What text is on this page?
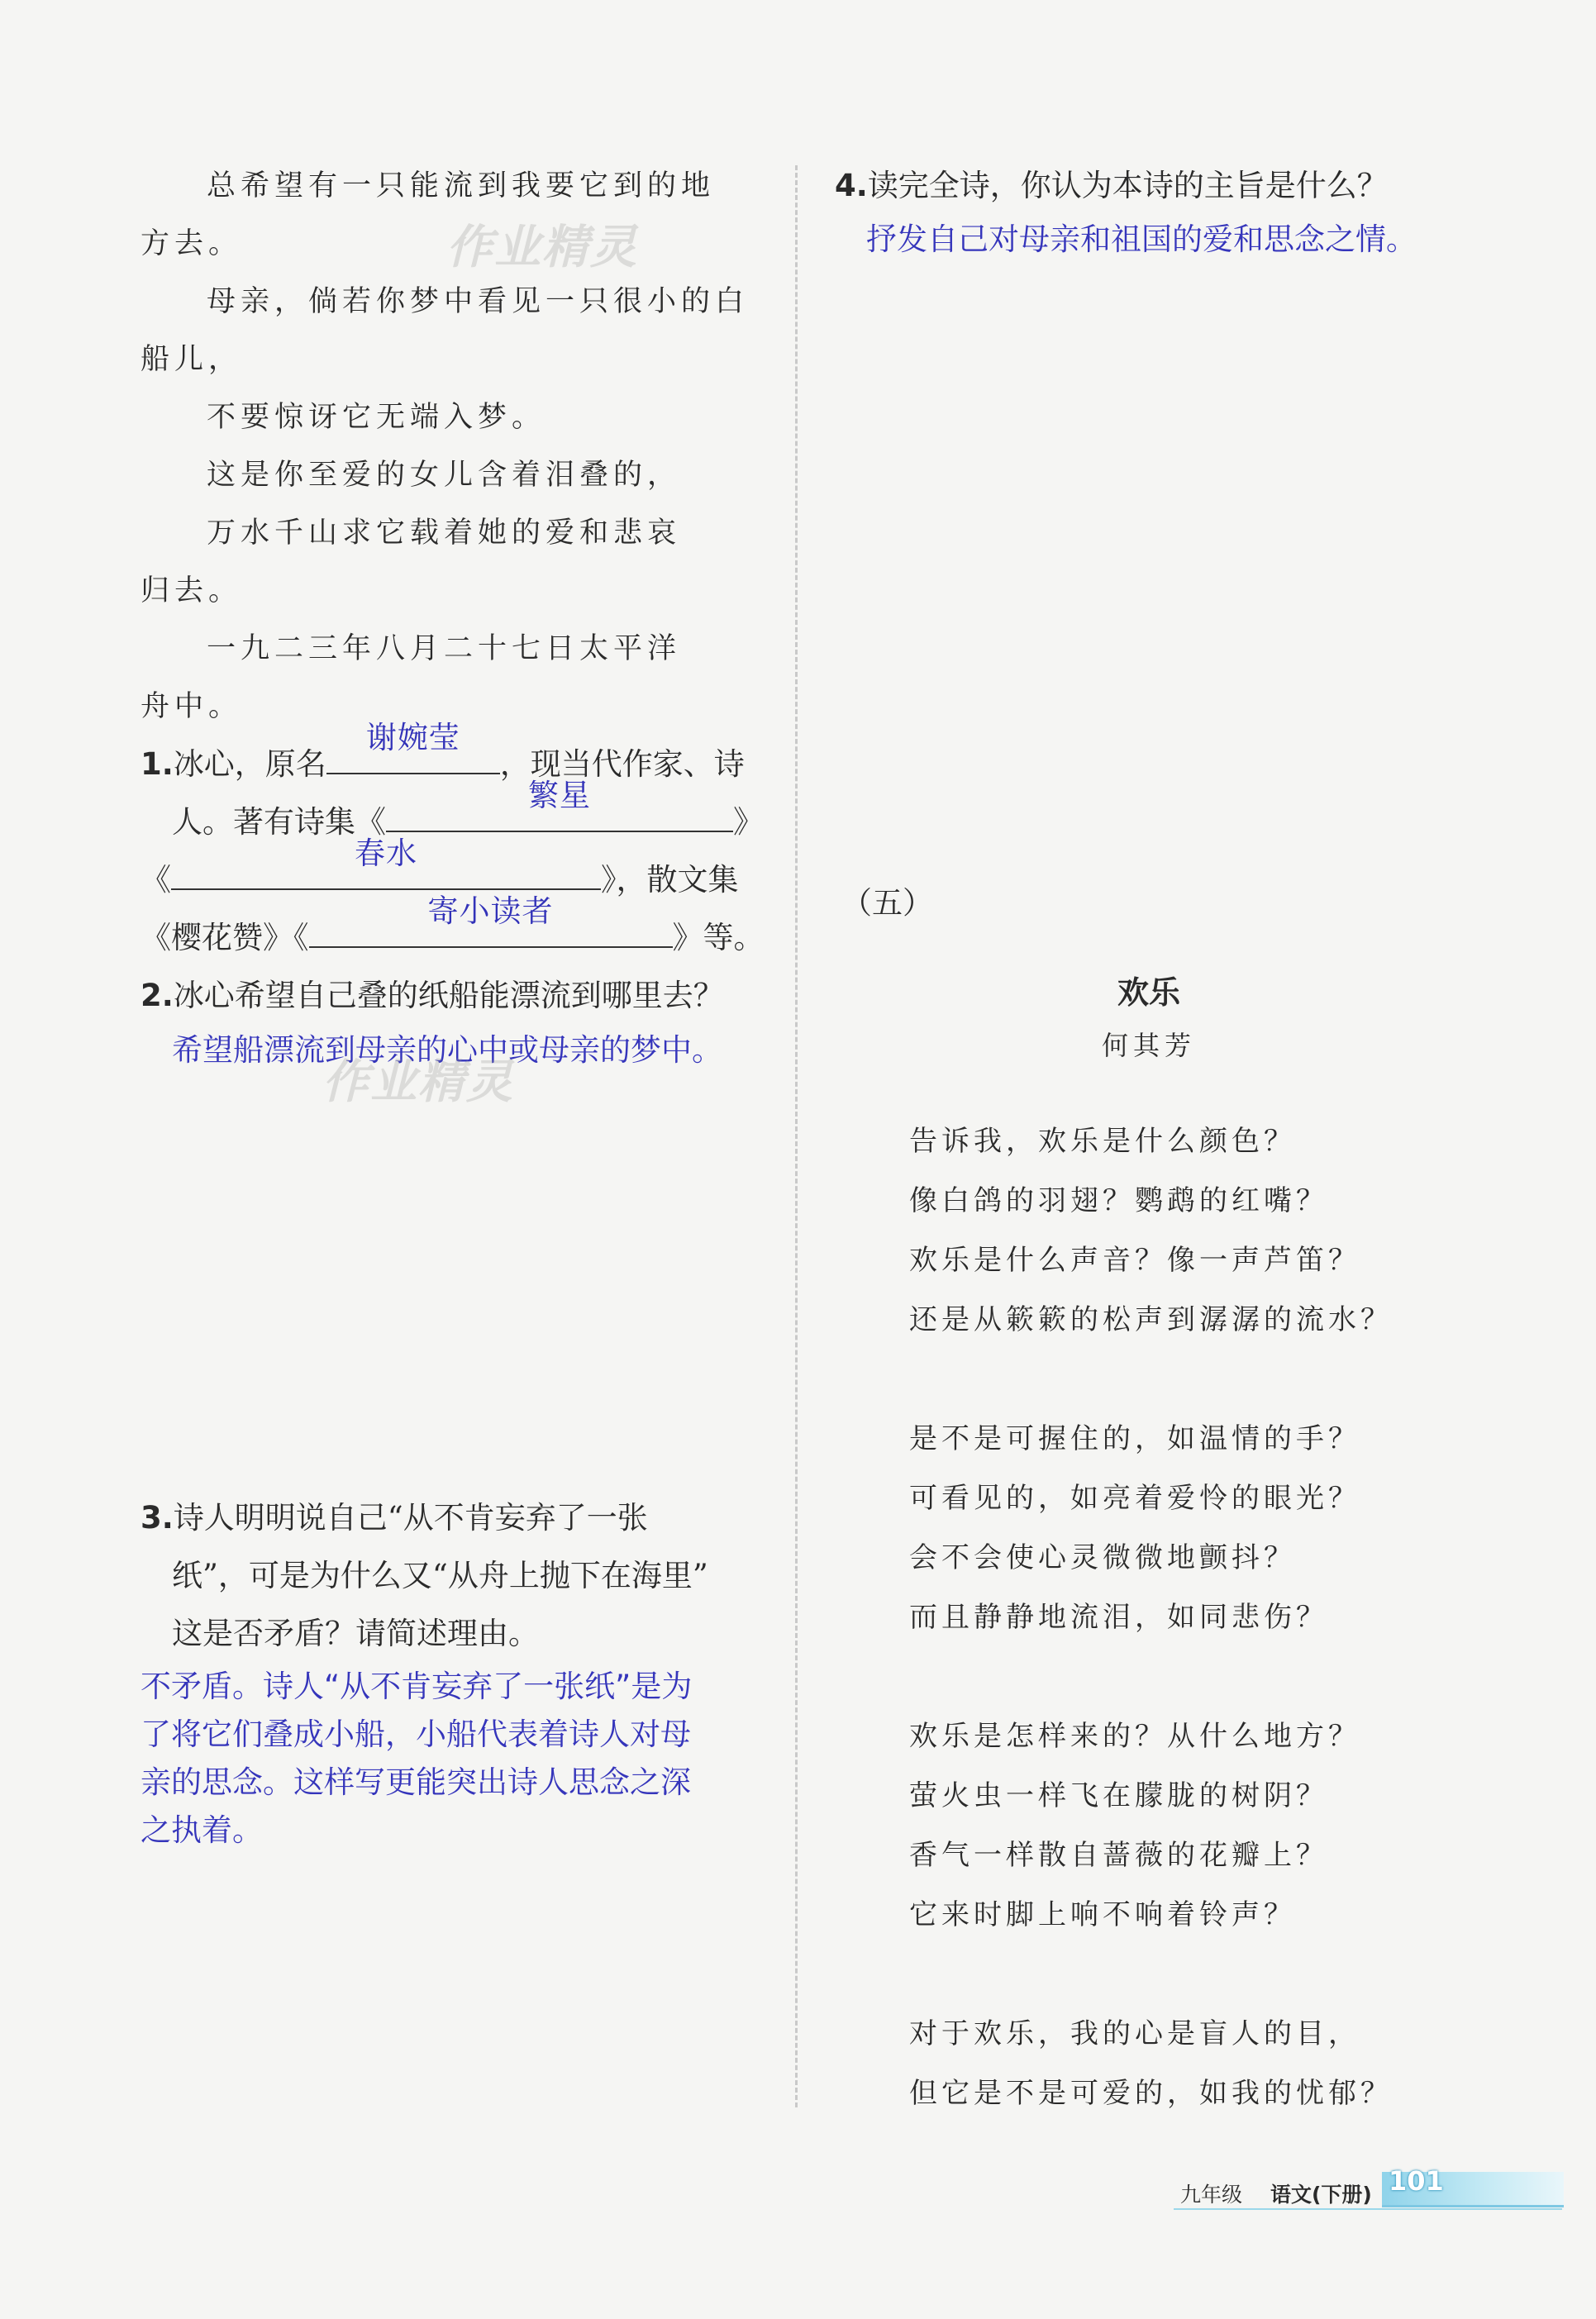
总希望有一只能流到我要它到的地
方去。
母亲，倘若你梦中看见一只很小的白
船儿，
不要惊讶它无端入梦。
这是你至爱的女儿含着泪叠的，
万水千山求它载着她的爱和悲哀
归去。
一九二三年八月二十七日太平洋
舟中。
1.冰心，原名
谢婉莹
，现当代作家、诗
人。著有诗集《
繁星
》
《
春水
》，散文集
《樱花赞》《
寄小读者
》等。
2.冰心希望自己叠的纸船能漂流到哪里去？
希望船漂流到母亲的心中或母亲的梦中。
3.诗人明明说自己“从不肯妄弃了一张
纸”，可是为什么又“从舟上抛下在海里”
这是否矛盾？请简述理由。
不矛盾。诗人“从不肯妄弃了一张纸”是为
了将它们叠成小船，小船代表着诗人对母
亲的思念。这样写更能突出诗人思念之深
之执着。
4.读完全诗，你认为本诗的主旨是什么？
抒发自己对母亲和祖国的爱和思念之情。
（五）
欢乐
何其芳
告诉我，欢乐是什么颜色？
像白鸽的羽翅？鹦鹉的红嘴？
欢乐是什么声音？像一声芦笛？
还是从簌簌的松声到潺潺的流水？
是不是可握住的，如温情的手？
可看见的，如亮着爱怜的眼光？
会不会使心灵微微地颤抖？
而且静静地流泪，如同悲伤？
欢乐是怎样来的？从什么地方？
萤火虫一样飞在朦胧的树阴？
香气一样散自蔷薇的花瓣上？
它来时脚上响不响着铃声？
对于欢乐，我的心是盲人的目，
但它是不是可爱的，如我的忧郁？
作业精灵
作业精灵
九年级 语文(下册) 101
